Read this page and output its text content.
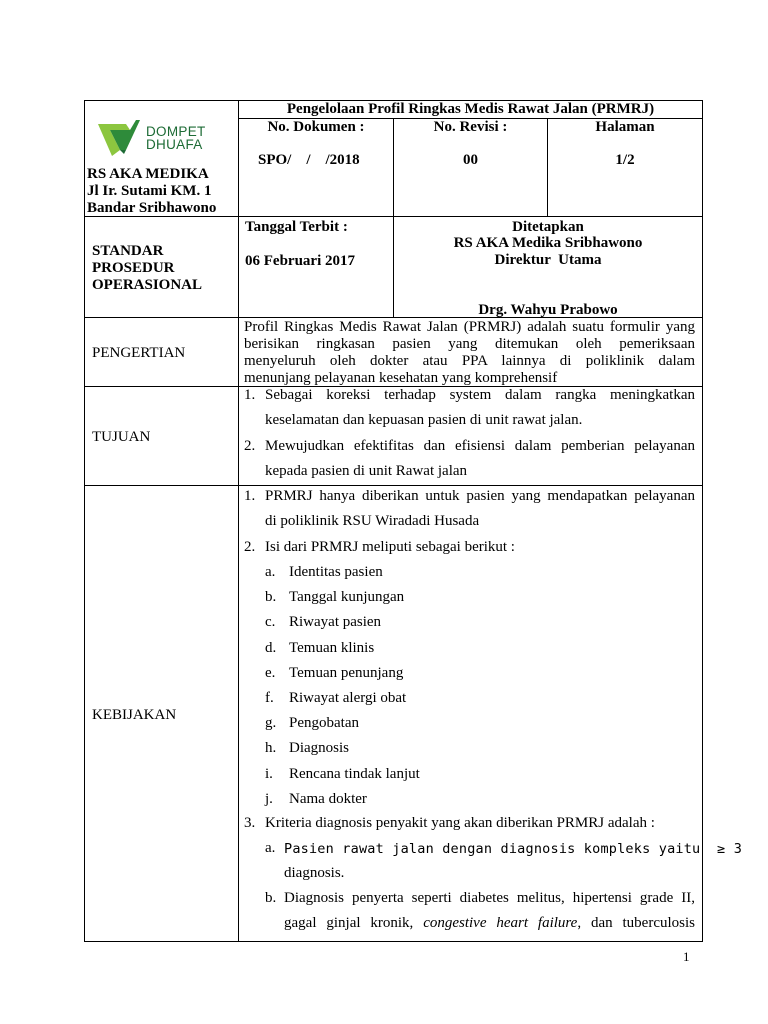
Pengelolaan Profil Ringkas Medis Rawat Jalan (PRMRJ)
DOMPET
DHUAFA
RS AKA MEDIKA
Jl Ir. Sutami KM. 1
Bandar Sribhawono
No. Dokumen :
SPO/    /    /2018
No. Revisi :
00
Halaman
1/2
STANDAR
PROSEDUR
OPERASIONAL
Tanggal Terbit :
06 Februari 2017
Ditetapkan
RS AKA Medika Sribhawono
Direktur  Utama
Drg. Wahyu Prabowo
PENGERTIAN
Profil Ringkas Medis Rawat Jalan (PRMRJ) adalah suatu formulir yang
berisikan ringkasan pasien yang ditemukan oleh pemeriksaan
menyeluruh oleh dokter atau PPA lainnya di poliklinik dalam
menunjang pelayanan kesehatan yang komprehensif
TUJUAN
1. Sebagai koreksi terhadap system dalam rangka meningkatkan
keselamatan dan kepuasan pasien di unit rawat jalan.
2. Mewujudkan efektifitas dan efisiensi dalam pemberian pelayanan
kepada pasien di unit Rawat jalan
KEBIJAKAN
1. PRMRJ hanya diberikan untuk pasien yang mendapatkan pelayanan
di poliklinik RSU Wiradadi Husada
2. Isi dari PRMRJ meliputi sebagai berikut :
a. Identitas pasien
b. Tanggal kunjungan
c. Riwayat pasien
d. Temuan klinis
e. Temuan penunjang
f. Riwayat alergi obat
g. Pengobatan
h. Diagnosis
i. Rencana tindak lanjut
j. Nama dokter
3. Kriteria diagnosis penyakit yang akan diberikan PRMRJ adalah :
a. Pasien rawat jalan dengan diagnosis kompleks yaitu  ≥ 3
diagnosis.
b. Diagnosis penyerta seperti diabetes melitus, hipertensi grade II,
gagal ginjal kronik, congestive heart failure, dan tuberculosis
1
